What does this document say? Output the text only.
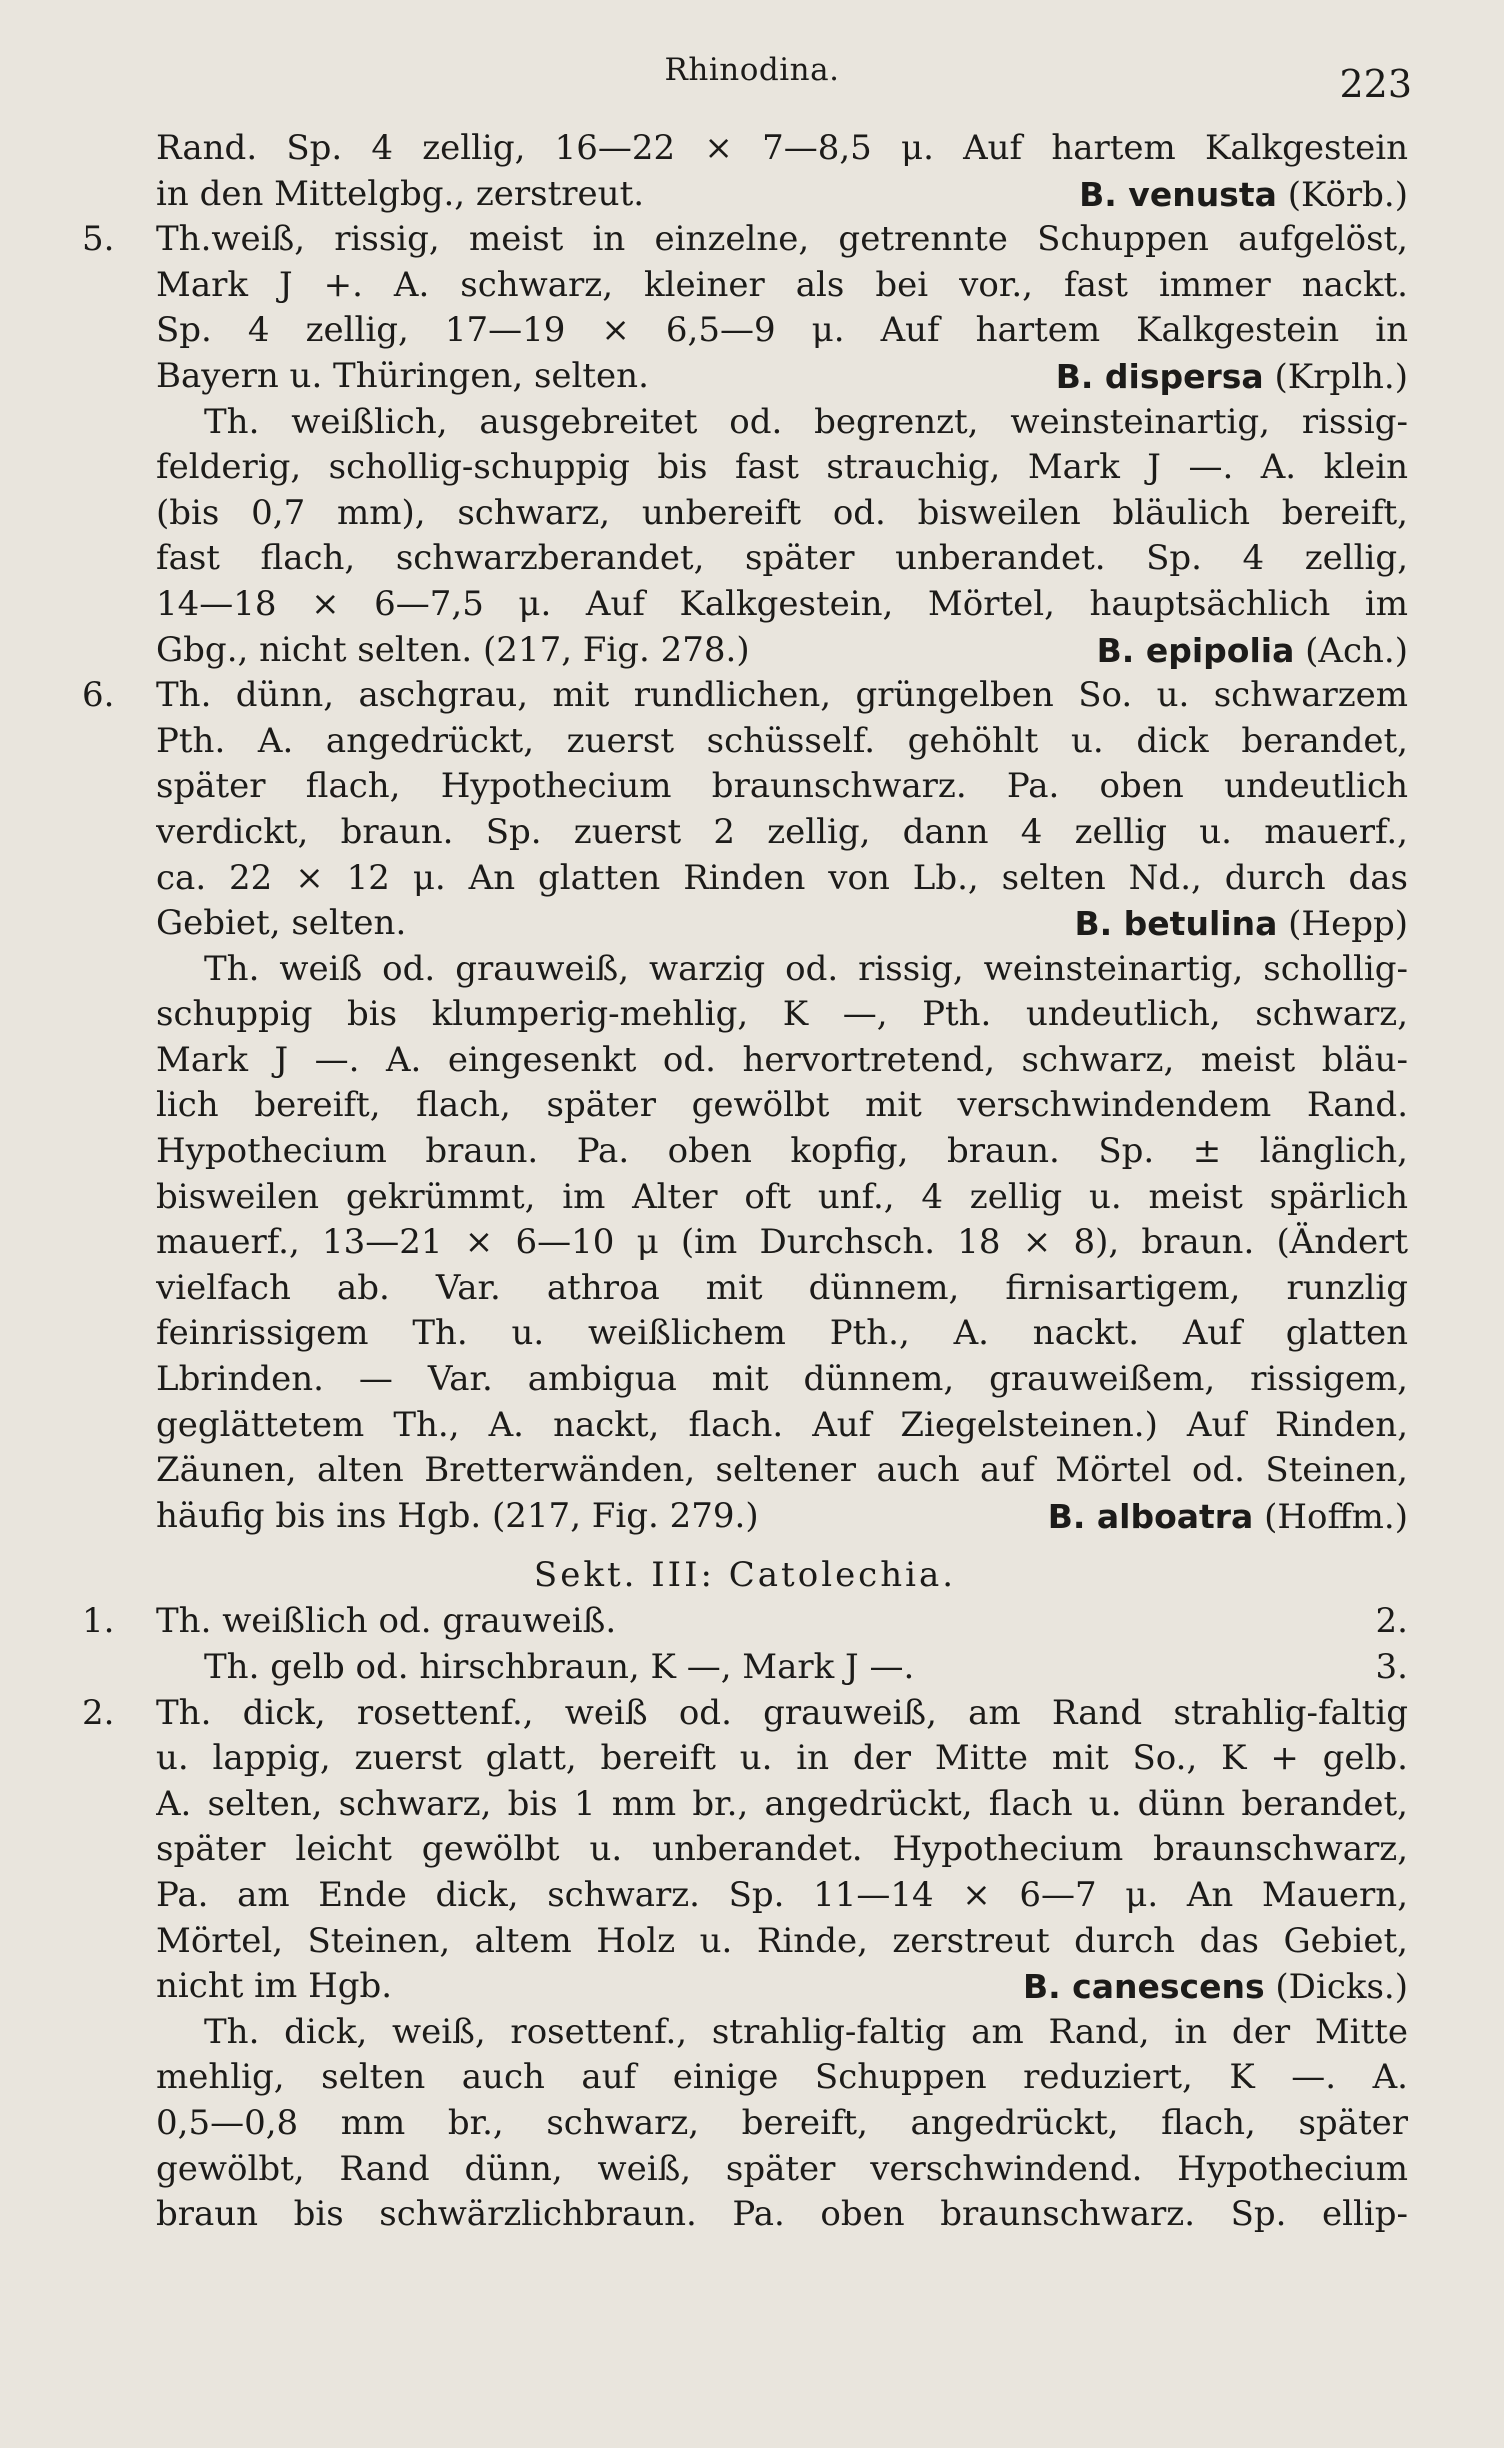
Rhinodina.	223
Rand. Sp. 4 zellig, 16—22 × 7—8,5 μ. Auf hartem Kalkgestein
in den Mittelgbg., zerstreut.	B. venusta (Körb.)
5.	Th.weiß, rissig, meist in einzelne, getrennte Schuppen aufgelöst,
Mark J +. A. schwarz, kleiner als bei vor., fast immer nackt.
Sp. 4 zellig, 17—19 × 6,5—9 μ. Auf hartem Kalkgestein in
Bayern u. Thüringen, selten.	B. dispersa (Krplh.)
Th. weißlich, ausgebreitet od. begrenzt, weinsteinartig, rissig-
felderig, schollig-schuppig bis fast strauchig, Mark J —. A. klein
(bis 0,7 mm), schwarz, unbereift od. bisweilen bläulich bereift,
fast flach, schwarzberandet, später unberandet. Sp. 4 zellig,
14—18 × 6—7,5 μ. Auf Kalkgestein, Mörtel, hauptsächlich im
Gbg., nicht selten. (217, Fig. 278.)	B. epipolia (Ach.)
6.	Th. dünn, aschgrau, mit rundlichen, grüngelben So. u. schwarzem
Pth. A. angedrückt, zuerst schüsself. gehöhlt u. dick berandet,
später flach, Hypothecium braunschwarz. Pa. oben undeutlich
verdickt, braun. Sp. zuerst 2 zellig, dann 4 zellig u. mauerf.,
ca. 22 × 12 μ. An glatten Rinden von Lb., selten Nd., durch das
Gebiet, selten.	B. betulina (Hepp)
Th. weiß od. grauweiß, warzig od. rissig, weinsteinartig, schollig-
schuppig bis klumperig-mehlig, K —, Pth. undeutlich, schwarz,
Mark J —. A. eingesenkt od. hervortretend, schwarz, meist bläu-
lich bereift, flach, später gewölbt mit verschwindendem Rand.
Hypothecium braun. Pa. oben kopfig, braun. Sp. ± länglich,
bisweilen gekrümmt, im Alter oft unf., 4 zellig u. meist spärlich
mauerf., 13—21 × 6—10 μ (im Durchsch. 18 × 8), braun. (Ändert
vielfach ab. Var. athroa mit dünnem, firnisartigem, runzlig
feinrissigem Th. u. weißlichem Pth., A. nackt. Auf glatten
Lbrinden. — Var. ambigua mit dünnem, grauweißem, rissigem,
geglättetem Th., A. nackt, flach. Auf Ziegelsteinen.) Auf Rinden,
Zäunen, alten Bretterwänden, seltener auch auf Mörtel od. Steinen,
häufig bis ins Hgb. (217, Fig. 279.)	B. alboatra (Hoffm.)
Sekt. III: Catolechia.
1.	Th. weißlich od. grauweiß.	2.
Th. gelb od. hirschbraun, K —, Mark J —.	3.
2.	Th. dick, rosettenf., weiß od. grauweiß, am Rand strahlig-faltig
u. lappig, zuerst glatt, bereift u. in der Mitte mit So., K + gelb.
A. selten, schwarz, bis 1 mm br., angedrückt, flach u. dünn berandet,
später leicht gewölbt u. unberandet. Hypothecium braunschwarz,
Pa. am Ende dick, schwarz. Sp. 11—14 × 6—7 μ. An Mauern,
Mörtel, Steinen, altem Holz u. Rinde, zerstreut durch das Gebiet,
nicht im Hgb.	B. canescens (Dicks.)
Th. dick, weiß, rosettenf., strahlig-faltig am Rand, in der Mitte
mehlig, selten auch auf einige Schuppen reduziert, K —. A.
0,5—0,8 mm br., schwarz, bereift, angedrückt, flach, später
gewölbt, Rand dünn, weiß, später verschwindend. Hypothecium
braun bis schwärzlichbraun. Pa. oben braunschwarz. Sp. ellip-
